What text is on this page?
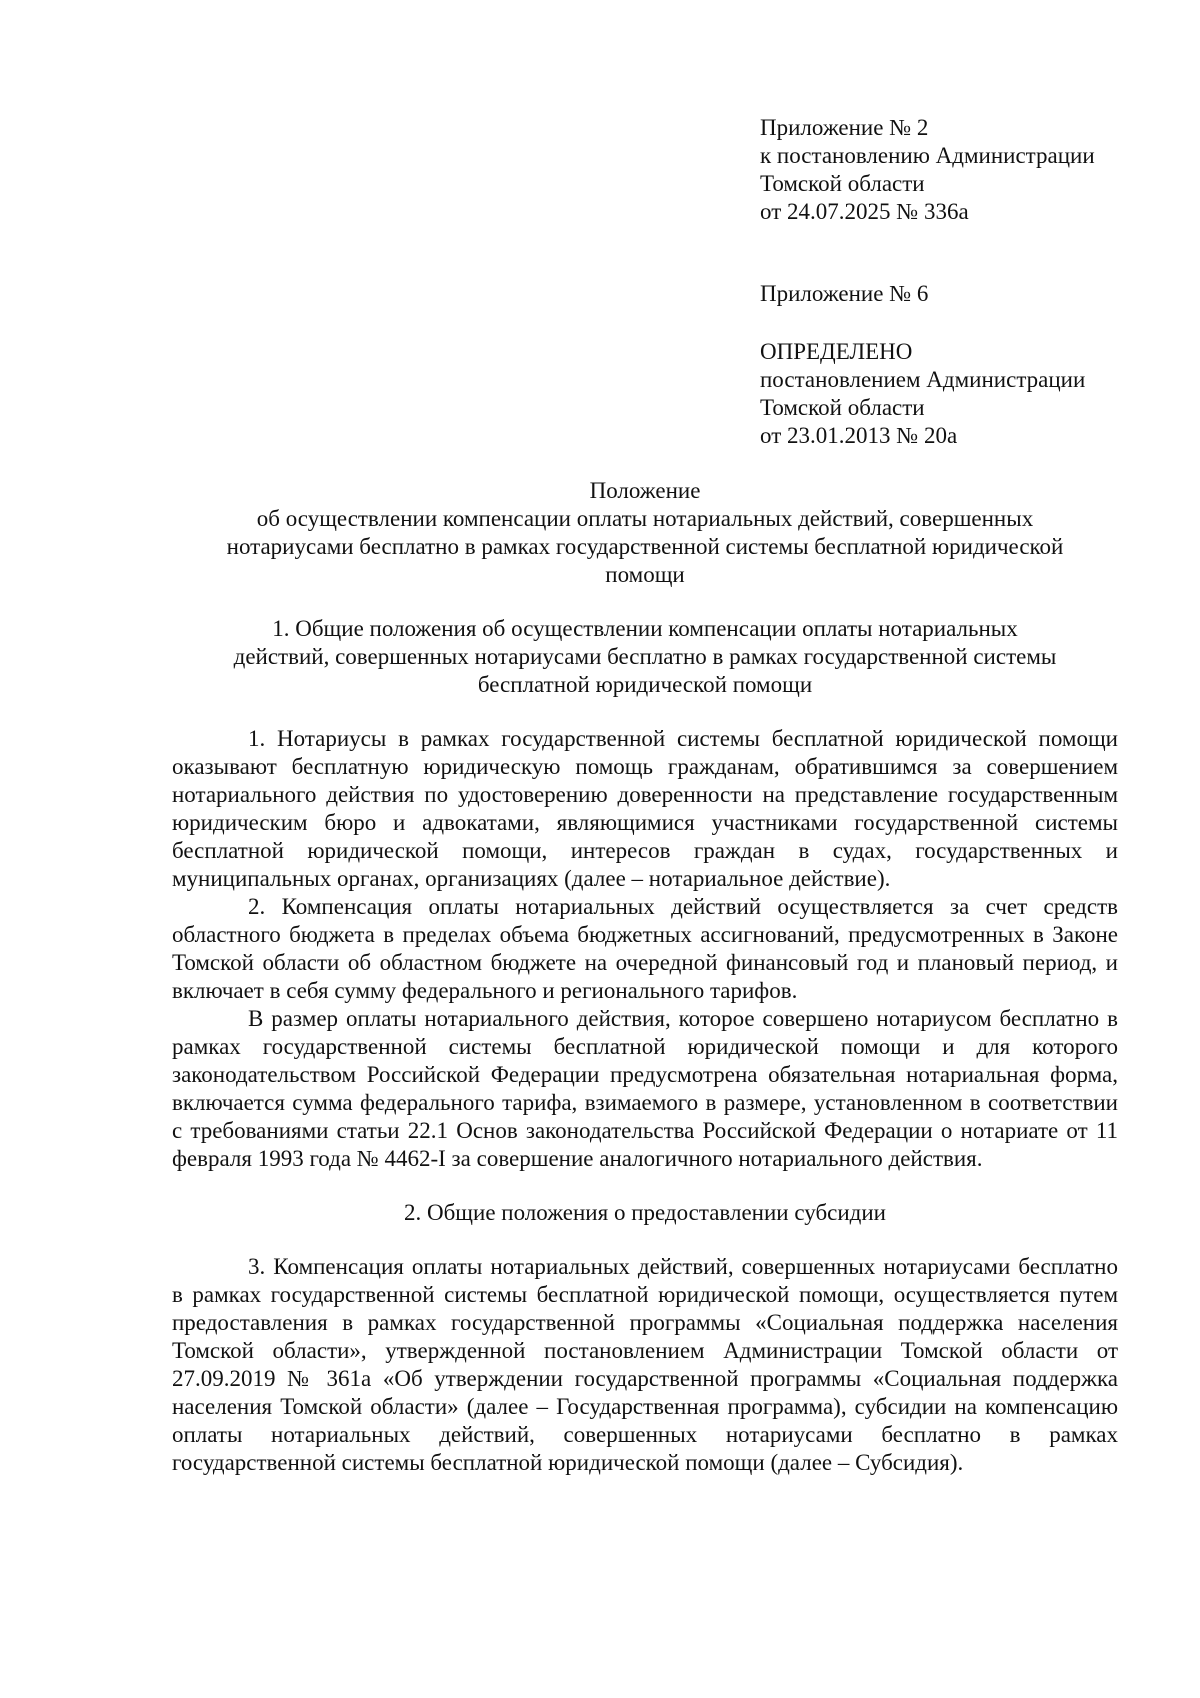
Приложение № 2
к постановлению Администрации
Томской области
от 24.07.2025 № 336а
Приложение № 6
ОПРЕДЕЛЕНО
постановлением Администрации
Томской области
от 23.01.2013 № 20а
Положение
об осуществлении компенсации оплаты нотариальных действий, совершенных
нотариусами бесплатно в рамках государственной системы бесплатной юридической
помощи
1. Общие положения об осуществлении компенсации оплаты нотариальных
действий, совершенных нотариусами бесплатно в рамках государственной системы
бесплатной юридической помощи

1. Нотариусы в рамках государственной системы бесплатной юридической помощи оказывают бесплатную юридическую помощь гражданам, обратившимся за совершением нотариального действия по удостоверению доверенности на представление государственным юридическим бюро и адвокатами, являющимися участниками государственной системы бесплатной юридической помощи, интересов граждан в судах, государственных и муниципальных органах, организациях (далее – нотариальное действие).

2. Компенсация оплаты нотариальных действий осуществляется за счет средств областного бюджета в пределах объема бюджетных ассигнований, предусмотренных в Законе Томской области об областном бюджете на очередной финансовый год и плановый период, и включает в себя сумму федерального и регионального тарифов.

В размер оплаты нотариального действия, которое совершено нотариусом бесплатно в рамках государственной системы бесплатной юридической помощи и для которого законодательством Российской Федерации предусмотрена обязательная нотариальная форма, включается сумма федерального тарифа, взимаемого в размере, установленном в соответствии с требованиями статьи 22.1 Основ законодательства Российской Федерации о нотариате от 11 февраля 1993 года № 4462-I за совершение аналогичного нотариального действия.

2. Общие положения о предоставлении субсидии

3. Компенсация оплаты нотариальных действий, совершенных нотариусами бесплатно в рамках государственной системы бесплатной юридической помощи, осуществляется путем предоставления в рамках государственной программы «Социальная поддержка населения Томской области», утвержденной постановлением Администрации Томской области от 27.09.2019 № 361а «Об утверждении государственной программы «Социальная поддержка населения Томской области» (далее – Государственная программа), субсидии на компенсацию оплаты нотариальных действий, совершенных нотариусами бесплатно в рамках государственной системы бесплатной юридической помощи (далее – Субсидия).
